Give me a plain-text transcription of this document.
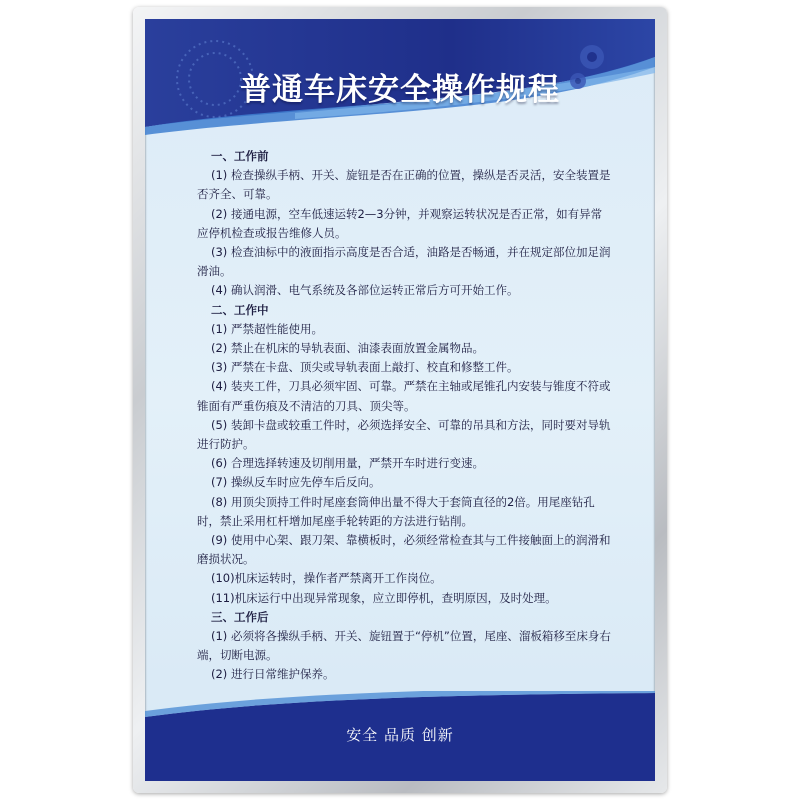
普通车床安全操作规程

一、工作前

(1) 检查操纵手柄、开关、旋钮是否在正确的位置，操纵是否灵活，安全装置是否齐全、可靠。

(2) 接通电源，空车低速运转2—3分钟，并观察运转状况是否正常，如有异常应停机检查或报告维修人员。

(3) 检查油标中的液面指示高度是否合适，油路是否畅通，并在规定部位加足润滑油。

(4) 确认润滑、电气系统及各部位运转正常后方可开始工作。

二、工作中

(1) 严禁超性能使用。

(2) 禁止在机床的导轨表面、油漆表面放置金属物品。

(3) 严禁在卡盘、顶尖或导轨表面上敲打、校直和修整工件。

(4) 装夹工件，刀具必须牢固、可靠。严禁在主轴或尾锥孔内安装与锥度不符或锥面有严重伤痕及不清洁的刀具、顶尖等。

(5) 装卸卡盘或较重工件时，必须选择安全、可靠的吊具和方法，同时要对导轨进行防护。

(6) 合理选择转速及切削用量，严禁开车时进行变速。

(7) 操纵反车时应先停车后反向。

(8) 用顶尖顶持工件时尾座套筒伸出量不得大于套筒直径的2倍。用尾座钻孔时，禁止采用杠杆增加尾座手轮转距的方法进行钻削。

(9) 使用中心架、跟刀架、靠横板时，必须经常检查其与工件接触面上的润滑和磨损状况。

(10)机床运转时，操作者严禁离开工作岗位。

(11)机床运行中出现异常现象，应立即停机，查明原因，及时处理。

三、工作后

(1) 必须将各操纵手柄、开关、旋钮置于“停机”位置，尾座、溜板箱移至床身右端，切断电源。

(2) 进行日常维护保养。

安全 品质 创新
